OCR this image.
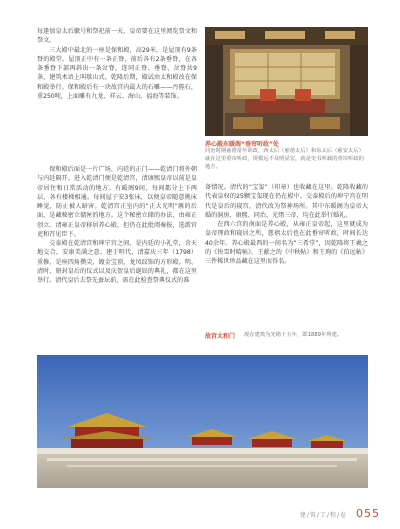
每逢加皇太后徽号和祭祀前一天，皇帝要在这里阅览祭文和祭文。

三大殿中最北的一座是保和殿，高29米，是屋顶有9条脊的殿堂。屋顶正中有一条正脊，前后各有2条垂脊，在各条垂脊下部再斜出一条岔脊，连同正脊、垂脊、岔脊共9条，建筑术语上叫歇山式。乾隆后期，殿试由太和殿改在保和殿举行。保和殿后有一块故宫内最大的石雕——丹陛石，重250吨，上面雕有九龙、祥云、海山、福海等装饰。

保和殿后面是一片广场，内廷的正门——乾清门将外朝与内廷隔开。进入乾清门便是乾清宫，清康熙皇帝以前是皇帝居住和日常活动的地方。有暖阁9间，每间都分上下两层，各有楼梯相通。每间屋子安3张床，以便皇帝随意挑床睡觉，防止被人暗害。乾清宫正室内的“正大光明”匾的后面，是藏秘密立储匣的地方。这个秘密立储的办法，由雍正创立。清雍正皇帝移居养心殿，但仍在此批阅奏报，选派官吏和召见臣下。

交泰殿在乾清宫和坤宁宫之间，是内廷的小礼堂，含天地交合，安康美满之意。建于明代，清嘉庆三年（1798）重修，是座四角攒尖，镀金宝顶，龙凤纹饰的方形殿。明、清时，册封皇后的仪式以及庆贺皇后诞辰的典礼，都在这里举行。清代皇后去祭先蚕坛前，需在此检查祭典仪式的准

养心殿东暖阁“垂帘听政”处
同治时期慈禧常年训政，西太后（慈禧太后）和东太后（慈安太后）就在这里垂帘听政，规模远不及明显宏，就是史书所载的垂帘听政的地方。

备情况。清代的“宝玺”（印章）也收藏在这里。乾隆收藏的代表皇权的25颗宝玺现在仍在殿中。交泰殿后的坤宁宫在明代是皇后的寝宫，清代改为祭神场所。其中东暖阁为皇帝大婚的洞房，康熙、同治、光绪三帝，均在此举行婚礼。

在西六宫的南面是养心殿，从雍正皇帝起，这里就成为皇帝理政和寝居之所，慈禧太后也在此垂帘听政，时间长达40余年。养心殿最西的一间名为“三希堂”，因乾隆将王羲之的《快雪时晴帖》、王献之的《中秋帖》和王珣的《伯远帖》三件稀世珍品藏在这里而得名。

故宫太和门 现存建筑为光绪十五年，即1889年所建。
建/筑/工/程/卷 055
